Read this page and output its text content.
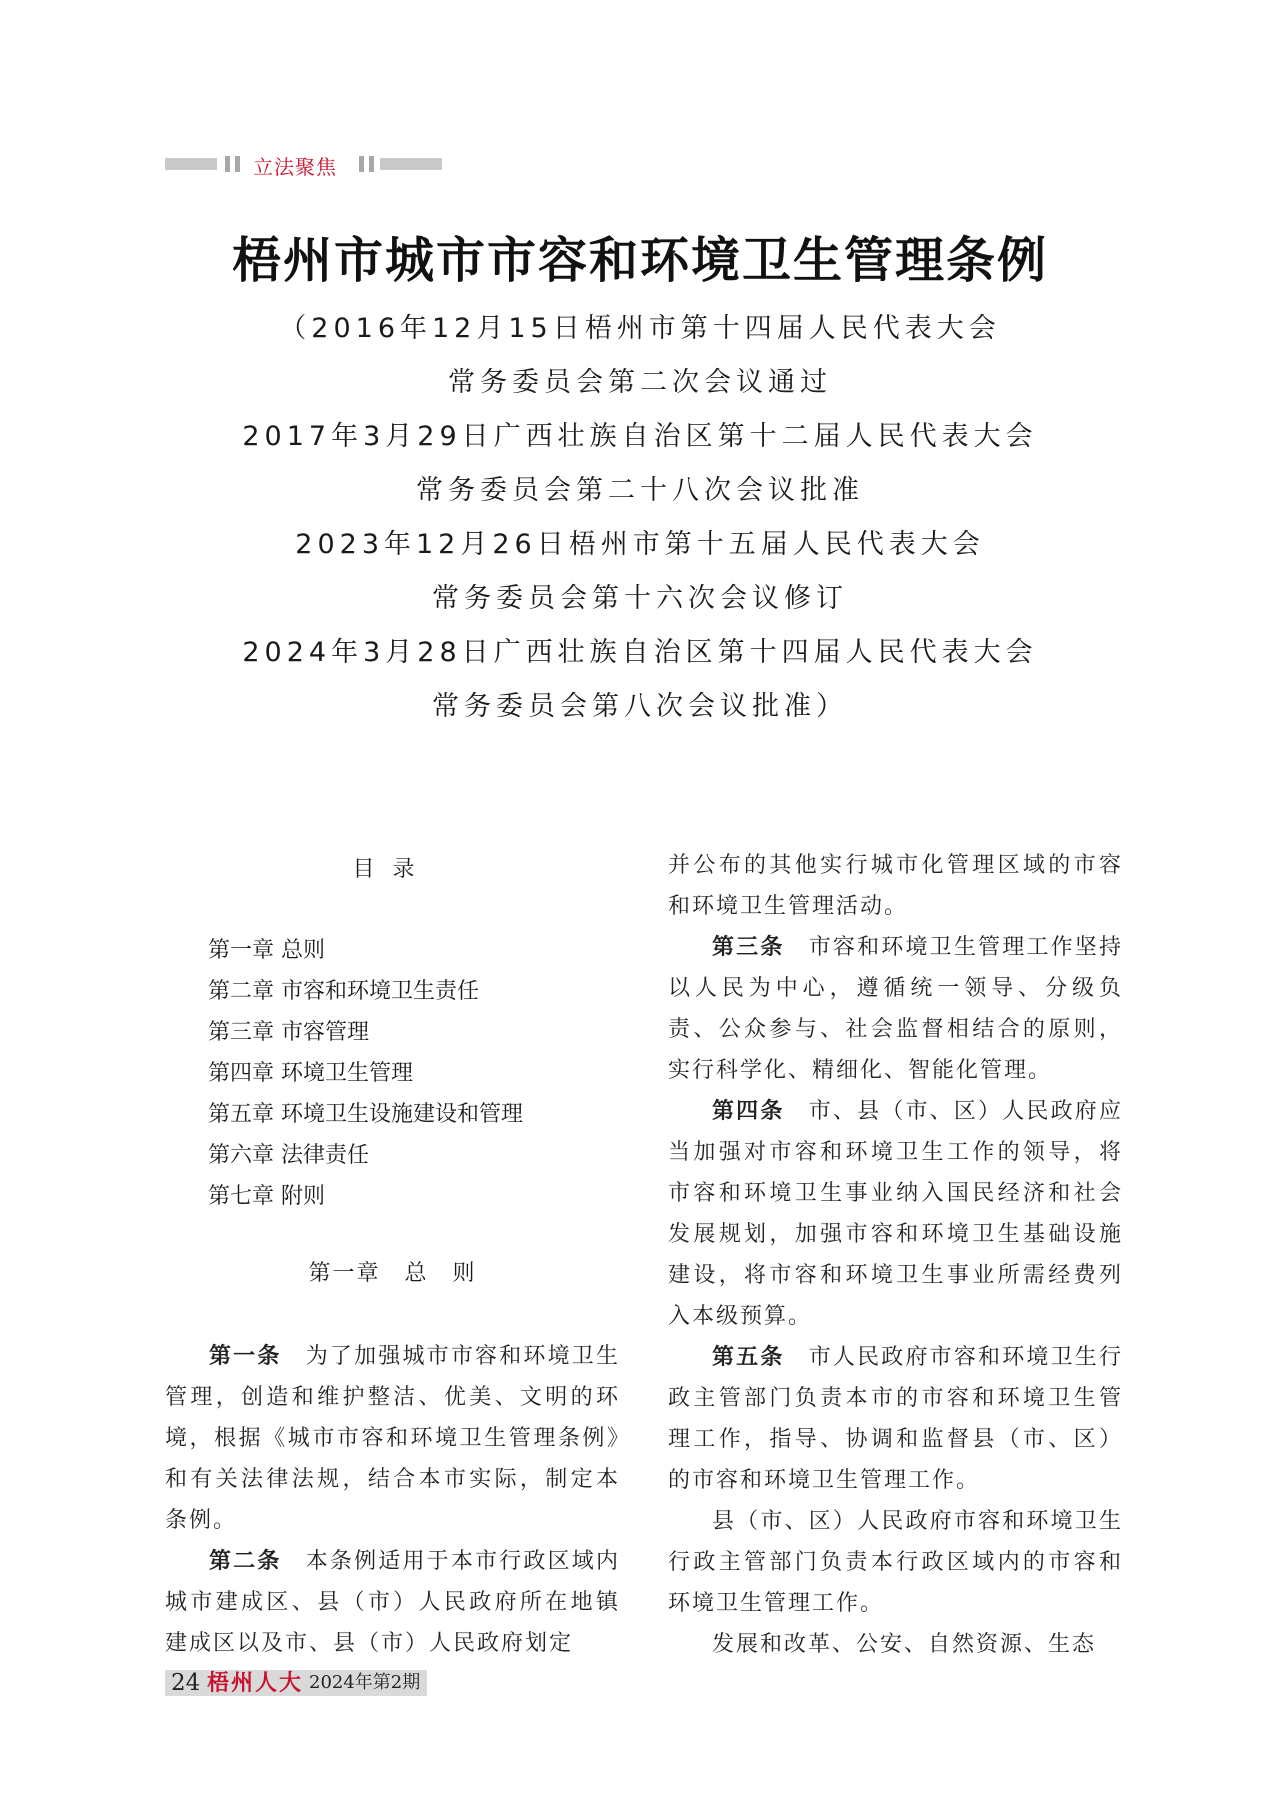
立法聚焦
梧州市城市市容和环境卫生管理条例
（2016年12月15日梧州市第十四届人民代表大会
常务委员会第二次会议通过
2017年3月29日广西壮族自治区第十二届人民代表大会
常务委员会第二十八次会议批准
2023年12月26日梧州市第十五届人民代表大会
常务委员会第十六次会议修订
2024年3月28日广西壮族自治区第十四届人民代表大会
常务委员会第八次会议批准）
目录
第一章 总则
第二章 市容和环境卫生责任
第三章 市容管理
第四章 环境卫生管理
第五章 环境卫生设施建设和管理
第六章 法律责任
第七章 附则
第一章　总　则

第一条　 为了加强城市市容和环境卫生管理，创造和维护整洁、优美、文明的环境，根据《城市市容和环境卫生管理条例》和有关法律法规，结合本市实际，制定本条例。

第二条　 本条例适用于本市行政区域内城市建成区、县（市）人民政府所在地镇建成区以及市、县（市）人民政府划定

并公布的其他实行城市化管理区域的市容和环境卫生管理活动。

第三条　 市容和环境卫生管理工作坚持以人民为中心，遵循统一领导、分级负责、公众参与、社会监督相结合的原则，实行科学化、精细化、智能化管理。

第四条　 市、县（市、区）人民政府应当加强对市容和环境卫生工作的领导，将市容和环境卫生事业纳入国民经济和社会发展规划，加强市容和环境卫生基础设施建设，将市容和环境卫生事业所需经费列入本级预算。

第五条　 市人民政府市容和环境卫生行政主管部门负责本市的市容和环境卫生管理工作，指导、协调和监督县（市、区）的市容和环境卫生管理工作。

县（市、区）人民政府市容和环境卫生行政主管部门负责本行政区域内的市容和环境卫生管理工作。

发展和改革、公安、自然资源、生态

24 梧州人大 2024年第2期
